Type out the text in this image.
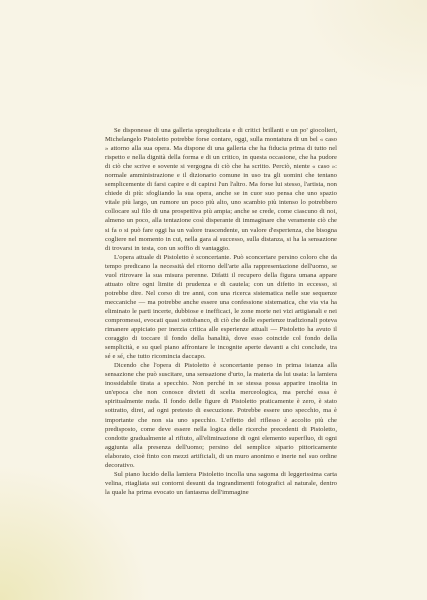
Se disponesse di una galleria spregiudicata e di critici brillanti e un po' giocolieri, Michelangelo Pistoletto potrebbe forse contare, oggi, sulla montatura di un bel « caso » attorno alla sua opera. Ma dispone di una galleria che ha fiducia prima di tutto nel rispetto e nella dignità della forma e di un critico, in questa occasione, che ha pudore di ciò che scrive e sovente si vergogna di ciò che ha scritto. Perciò, niente « caso »: normale amministrazione e il dizionario comune in uso tra gli uomini che tentano semplicemente di farsi capire e di capirsi l'un l'altro. Ma forse lui stesso, l'artista, non chiede di più: sfogliando la sua opera, anche se in cuor suo pensa che uno spazio vitale più largo, un rumore un poco più alto, uno scambio più intenso lo potrebbero collocare sul filo di una prospettiva più ampia; anche se crede, come ciascuno di noi, almeno un poco, alla tentazione così disperante di immaginare che veramente ciò che si fa o si può fare oggi ha un valore trascendente, un valore d'esperienza, che bisogna cogliere nel momento in cui, nella gara al successo, sulla distanza, si ha la sensazione di trovarsi in testa, con un soffio di vantaggio.

L'opera attuale di Pistoletto è sconcertante. Può sconcertare persino coloro che da tempo predicano la necessità del ritorno dell'arte alla rappresentazione dell'uomo, se vuol ritrovare la sua misura perenne. Difatti il recupero della figura umana appare attuato oltre ogni limite di prudenza e di cautela; con un difetto in eccesso, si potrebbe dire. Nel corso di tre anni, con una ricerca sistematica nelle sue sequenze meccaniche — ma potrebbe anche essere una confessione sistematica, che via via ha eliminato le parti incerte, dubbiose e inefficaci, le zone morte nei vizi artigianali e nei compromessi, evocati quasi sottobanco, di ciò che delle esperienze tradizionali poteva rimanere appiciato per inerzia critica alle esperienze attuali — Pistoletto ha avuto il coraggio di toccare il fondo della banalità, dove esso coincide col fondo della semplicità, e su quel piano affrontare le incognite aperte davanti a chi conclude, tra sé e sé, che tutto ricomincia daccapo.

Dicendo che l'opera di Pistoletto è sconcertante penso in prima istanza alla sensazione che può suscitare, una sensazione d'urto, la materia da lui usata: la lamiera inossidabile tirata a specchio. Non perché in se stessa possa apparire insolita in un'epoca che non conosce divieti di scelta merceologica, ma perché essa è spiritualmente nuda. Il fondo delle figure di Pistoletto praticamente è zero, è stato sottratto, direi, ad ogni pretesto di esecuzione. Potrebbe essere uno specchio, ma è importante che non sia uno specchio. L'effetto del riflesso è accolto più che predisposto, come deve essere nella logica delle ricerche precedenti di Pistoletto, condotte gradualmente al rifiuto, all'eliminazione di ogni elemento superfluo, di ogni aggiunta alla presenza dell'uomo; persino del semplice sipario pittoricamente elaborato, cioè finto con mezzi artificiali, di un muro anonimo e inerte nel suo ordine decorativo.

Sul piano lucido della lamiera Pistoletto incolla una sagoma di leggerissima carta velina, ritagliata sui contorni desunti da ingrandimenti fotografici al naturale, dentro la quale ha prima evocato un fantasma dell'immagine
